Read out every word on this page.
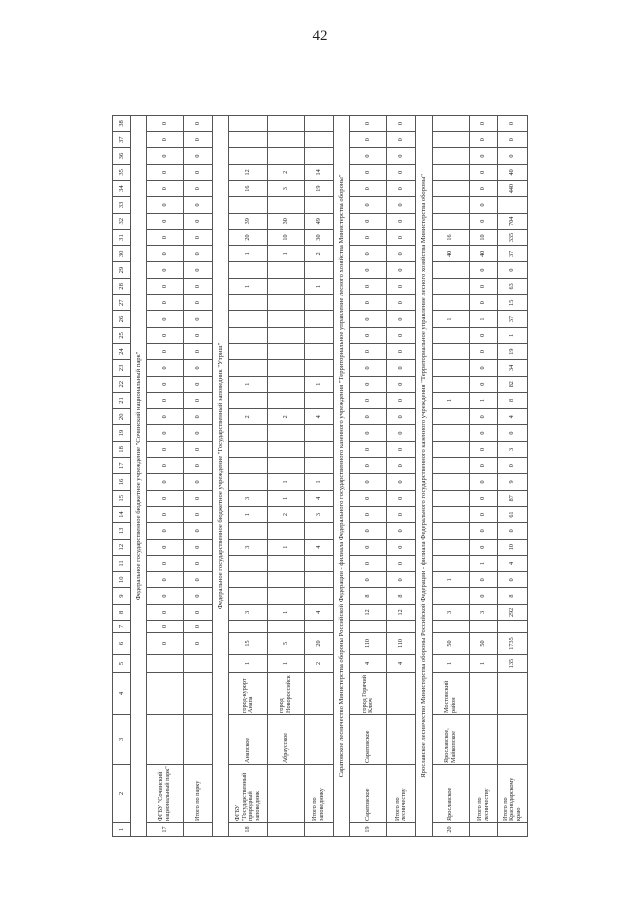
42
1	2	3	4	5	6	7	8	9	10	11	12	13	14	15	16	17	18	19	20	21	22	23	24	25	26	27	28	29	30	31	32	33	34	35	36	37	38
Федеральное государственное бюджетное учреждение "Сочинский национальный парк"																																					
17	ФГБУ "Сочинский национальный парк"				0	0	0	0	0	0	0	0	0	0	0	0	0	0	0	0	0	0	0	0	0	0	0	0	0	0	0	0	0	0	0	0	0
	Итого по парку				0	0	0	0	0	0	0	0	0	0	0	0	0	0	0	0	0	0	0	0	0	0	0	0	0	0	0	0	0	0	0	0	0
Федеральное государственное бюджетное учреждение "Государственный заповедник "Утриш"																																					
18	ФГБУ "Государственный природный заповедник	Анапское	город-курорт Анапа	1	15		3				3		1	3					2		1						1		1	20	39		16	12			
		Абраусское	город Новороссийск	1	5		1				1		2	1	1				2										1	10	30		3	2			
	Итого по заповеднику			2	20		4				4		3	4	1				4		1						1		2	30	49		19	14			
Саратовское лесничество Министерства обороны Российской Федерации - филиала Федерального государственного казенного учреждения "Территориальное управление лесного хозяйства Министерства обороны"																																					
19	Саратовское	Саратовское	город Горячий Ключ	4	110		12	8	0	0	0	0	0	0	0	0	0	0	0	0	0	0	0	0	0	0	0	0	0	0	0	0	0	0	0	0	0
	Итого по лесничеству			4	110		12	8	0	0	0	0	0	0	0	0	0	0	0	0	0	0	0	0	0	0	0	0	0	0	0	0	0	0	0	0	0
Ярославское лесничество Министерства обороны Российской Федерации - филиала Федерального государственного казенного учреждения "Территориальное управление лесного хозяйства Министерства обороны"																																					
20	Ярославское	Ярославское, Майкопское	Мостовский район	1	50		3		1											1					1				40	16							
	Итого по лесничеству			1	50		3	0	0	1	0	0	0	0	0	0	0	0	0	1	0	0	0	0	1	0	0	0	40	10	0	0	0	0	0	0	0
	Итого по Краснодарскому краю			135	1735		292	8	0	4	10	0	61	87	9	0	3	0	4	8	82	34	19	1	37	15	63	0	37	335	704		440	40	0	0	0
